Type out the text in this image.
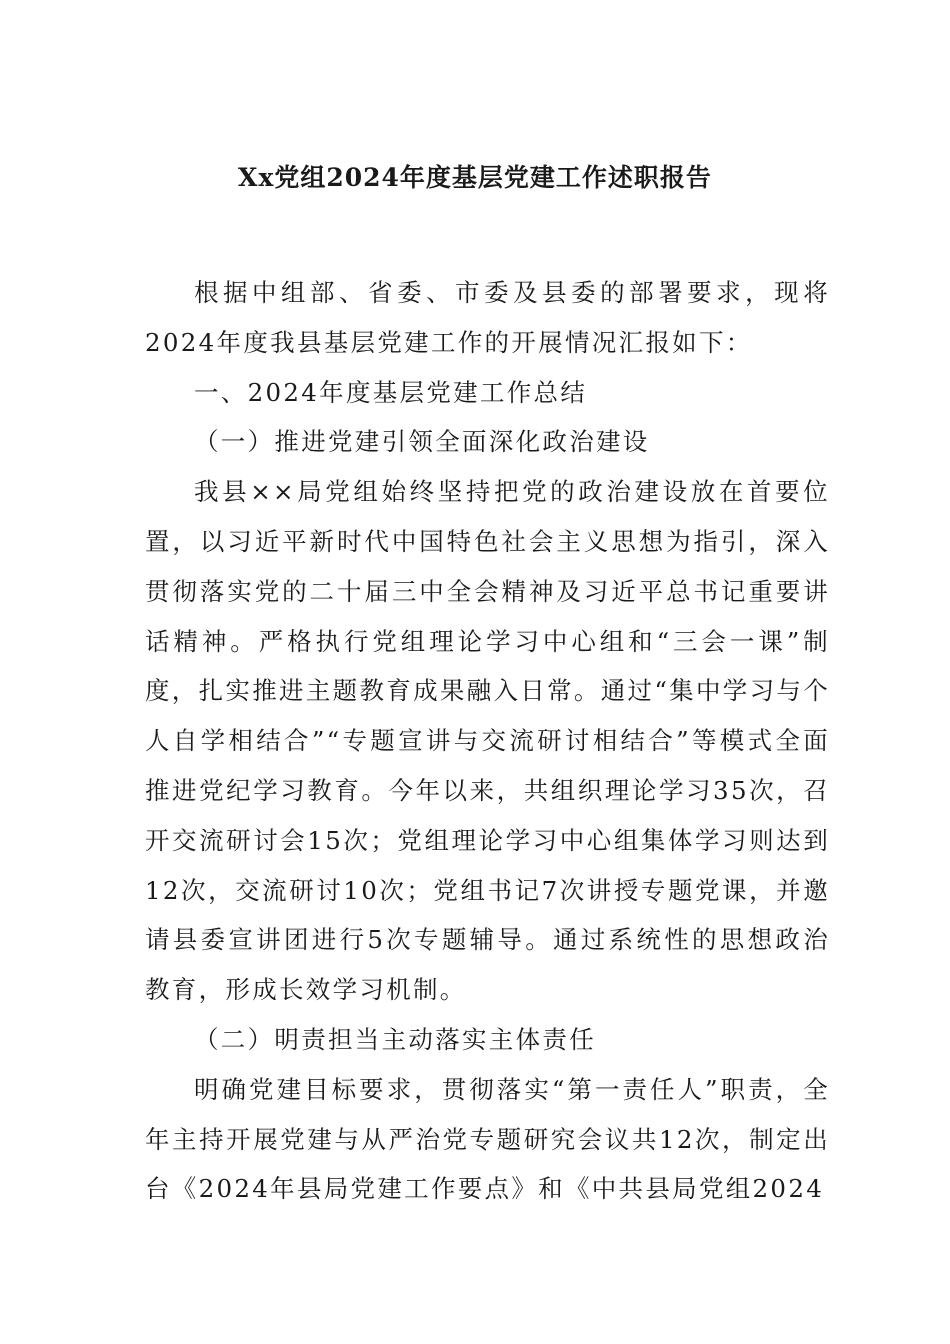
Xx党组2024年度基层党建工作述职报告

根据中组部、省委、市委及县委的部署要求，现将2024年度我县基层党建工作的开展情况汇报如下：

一、2024年度基层党建工作总结

（一）推进党建引领全面深化政治建设

我县××局党组始终坚持把党的政治建设放在首要位置，以习近平新时代中国特色社会主义思想为指引，深入贯彻落实党的二十届三中全会精神及习近平总书记重要讲话精神。严格执行党组理论学习中心组和“三会一课”制度，扎实推进主题教育成果融入日常。通过“集中学习与个人自学相结合”“专题宣讲与交流研讨相结合”等模式全面推进党纪学习教育。今年以来，共组织理论学习35次，召开交流研讨会15次；党组理论学习中心组集体学习则达到12次，交流研讨10次；党组书记7次讲授专题党课，并邀请县委宣讲团进行5次专题辅导。通过系统性的思想政治教育，形成长效学习机制。

（二）明责担当主动落实主体责任

明确党建目标要求，贯彻落实“第一责任人”职责，全年主持开展党建与从严治党专题研究会议共12次，制定出台《2024年县局党建工作要点》和《中共县局党组2024
